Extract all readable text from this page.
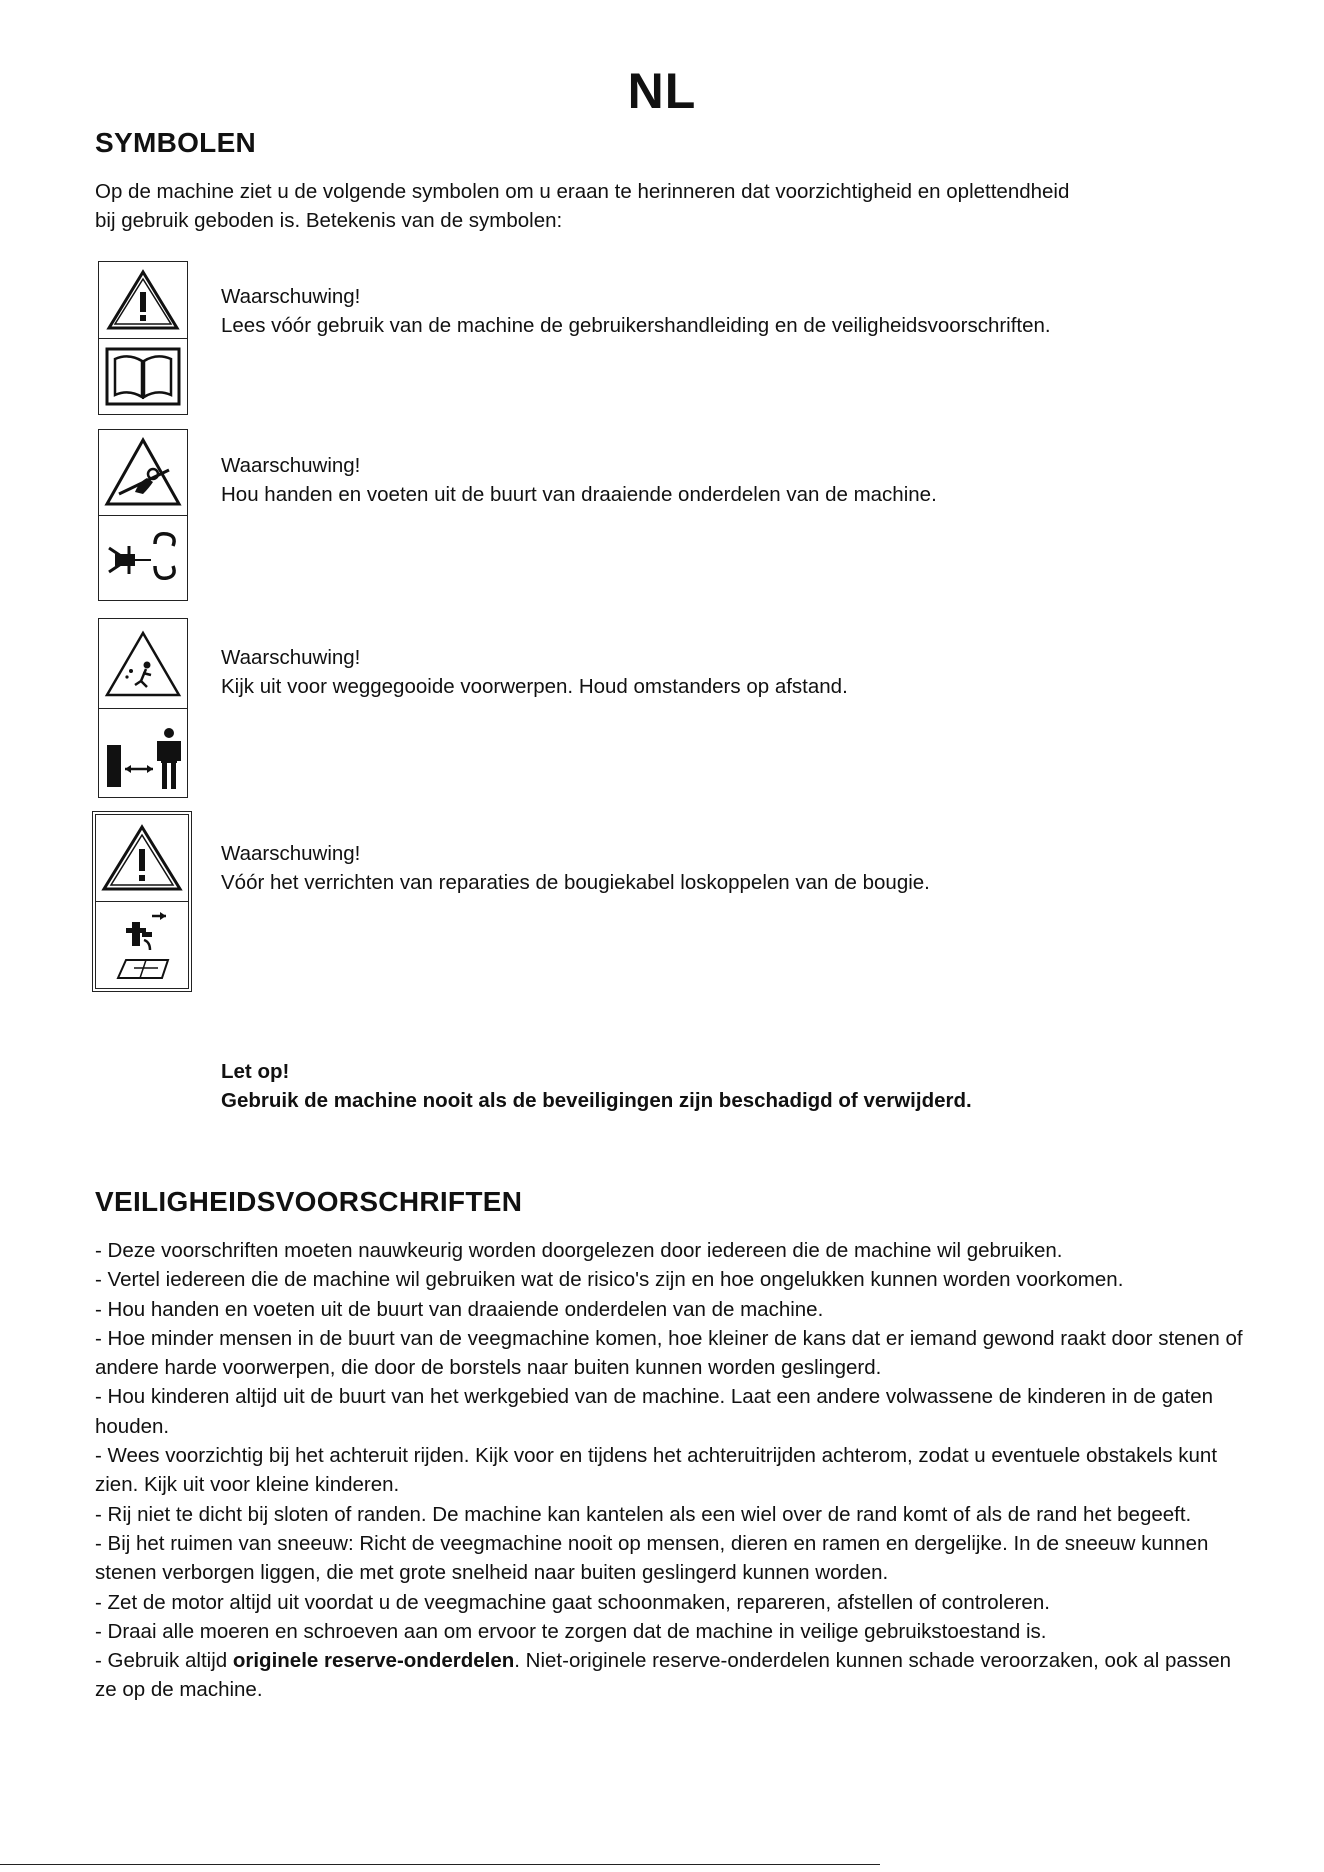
NL
SYMBOLEN

Op de machine ziet u de volgende symbolen om u eraan te herinneren dat voorzichtigheid en oplettendheid

bij gebruik geboden is. Betekenis van de symbolen:

Waarschuwing!
Lees vóór gebruik van de machine de gebruikershandleiding en de veiligheidsvoorschriften.
Waarschuwing!
Hou handen en voeten uit de buurt van draaiende onderdelen van de machine.
Waarschuwing!
Kijk uit voor weggegooide voorwerpen. Houd omstanders op afstand.
Waarschuwing!
Vóór het verrichten van reparaties de bougiekabel loskoppelen van de bougie.
Let op!
Gebruik de machine nooit als de beveiligingen zijn beschadigd of verwijderd.
VEILIGHEIDSVOORSCHRIFTEN

- Deze voorschriften moeten nauwkeurig worden doorgelezen door iedereen die de machine wil gebruiken.

- Vertel iedereen die de machine wil gebruiken wat de risico's zijn en hoe ongelukken kunnen worden voorkomen.

- Hou handen en voeten uit de buurt van draaiende onderdelen van de machine.

- Hoe minder mensen in de buurt van de veegmachine komen, hoe kleiner de kans dat er iemand gewond raakt door stenen of andere harde voorwerpen, die door de borstels naar buiten kunnen worden geslingerd.

- Hou kinderen altijd uit de buurt van het werkgebied van de machine. Laat een andere volwassene de kinderen in de gaten houden.

- Wees voorzichtig bij het achteruit rijden. Kijk voor en tijdens het achteruitrijden achterom, zodat u eventuele obstakels kunt zien. Kijk uit voor kleine kinderen.

- Rij niet te dicht bij sloten of randen. De machine kan kantelen als een wiel over de rand komt of als de rand het begeeft.

- Bij het ruimen van sneeuw: Richt de veegmachine nooit op mensen, dieren en ramen en dergelijke. In de sneeuw kunnen stenen verborgen liggen, die met grote snelheid naar buiten geslingerd kunnen worden.

- Zet de motor altijd uit voordat u de veegmachine gaat schoonmaken, repareren, afstellen of controleren.

- Draai alle moeren en schroeven aan om ervoor te zorgen dat de machine in veilige gebruikstoestand is.

- Gebruik altijd originele reserve-onderdelen. Niet-originele reserve-onderdelen kunnen schade veroorzaken, ook al passen ze op de machine.
